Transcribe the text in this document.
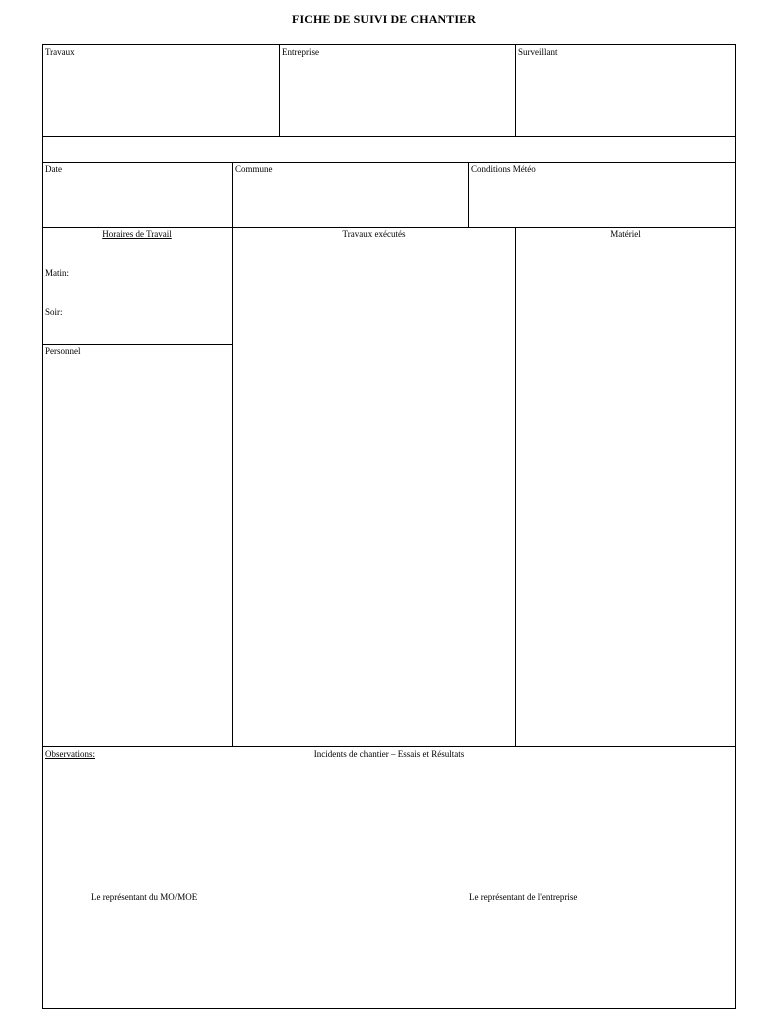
FICHE DE SUIVI DE CHANTIER
Travaux	Entreprise	Surveillant
Date	Commune	Conditions Météo
Horaires de Travail
Matin:
Soir:
Personnel
Travaux exécutés	Matériel
Observations:	Incidents de chantier – Essais et Résultats
Le représentant du MO/MOE	Le représentant de l'entreprise
